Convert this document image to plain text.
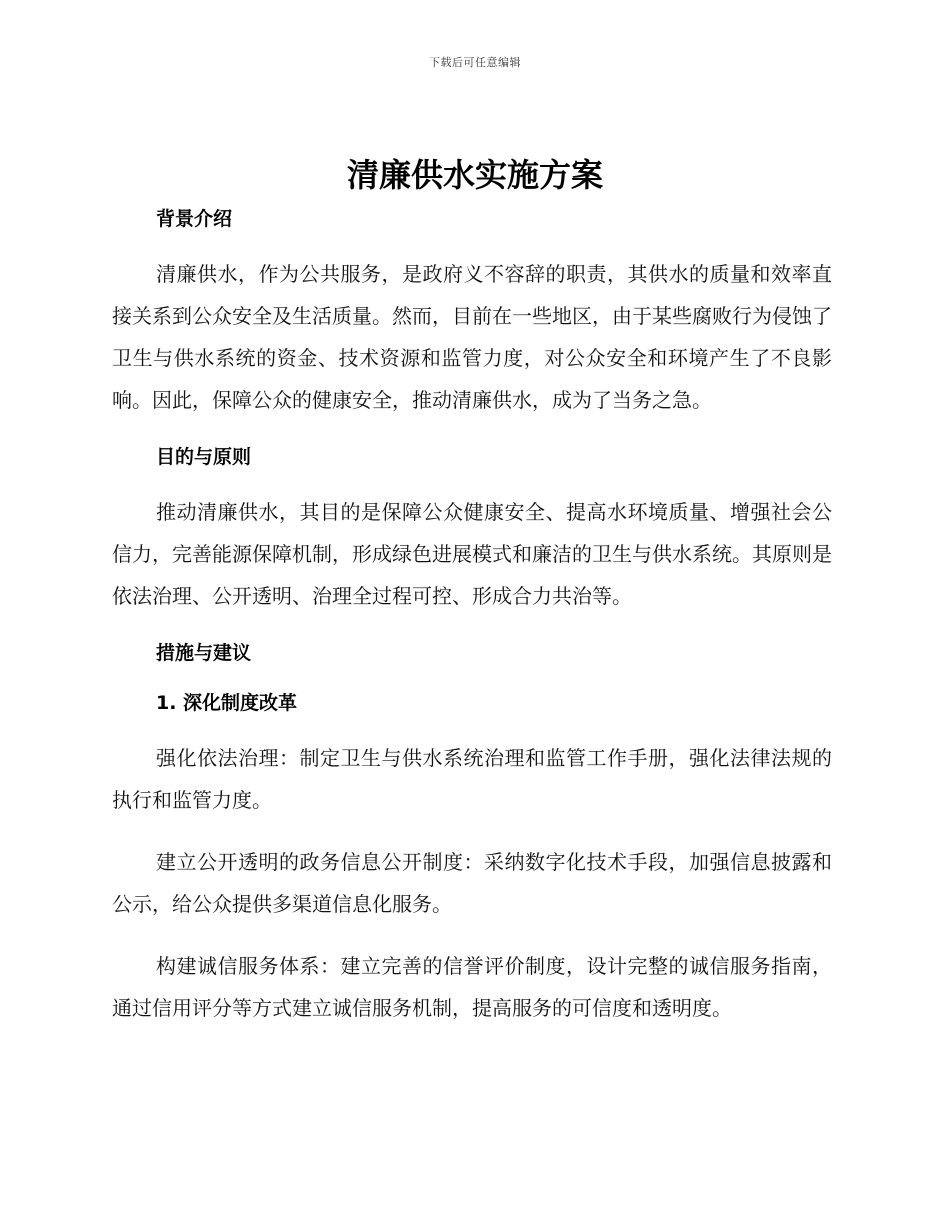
下载后可任意编辑
清廉供水实施方案
背景介绍

清廉供水，作为公共服务，是政府义不容辞的职责，其供水的质量和效率直接关系到公众安全及生活质量。然而，目前在一些地区，由于某些腐败行为侵蚀了卫生与供水系统的资金、技术资源和监管力度，对公众安全和环境产生了不良影响。因此，保障公众的健康安全，推动清廉供水，成为了当务之急。

目的与原则

推动清廉供水，其目的是保障公众健康安全、提高水环境质量、增强社会公信力，完善能源保障机制，形成绿色进展模式和廉洁的卫生与供水系统。其原则是依法治理、公开透明、治理全过程可控、形成合力共治等。

措施与建议
1. 深化制度改革

强化依法治理：制定卫生与供水系统治理和监管工作手册，强化法律法规的执行和监管力度。

建立公开透明的政务信息公开制度：采纳数字化技术手段，加强信息披露和公示，给公众提供多渠道信息化服务。

构建诚信服务体系：建立完善的信誉评价制度，设计完整的诚信服务指南，通过信用评分等方式建立诚信服务机制，提高服务的可信度和透明度。
